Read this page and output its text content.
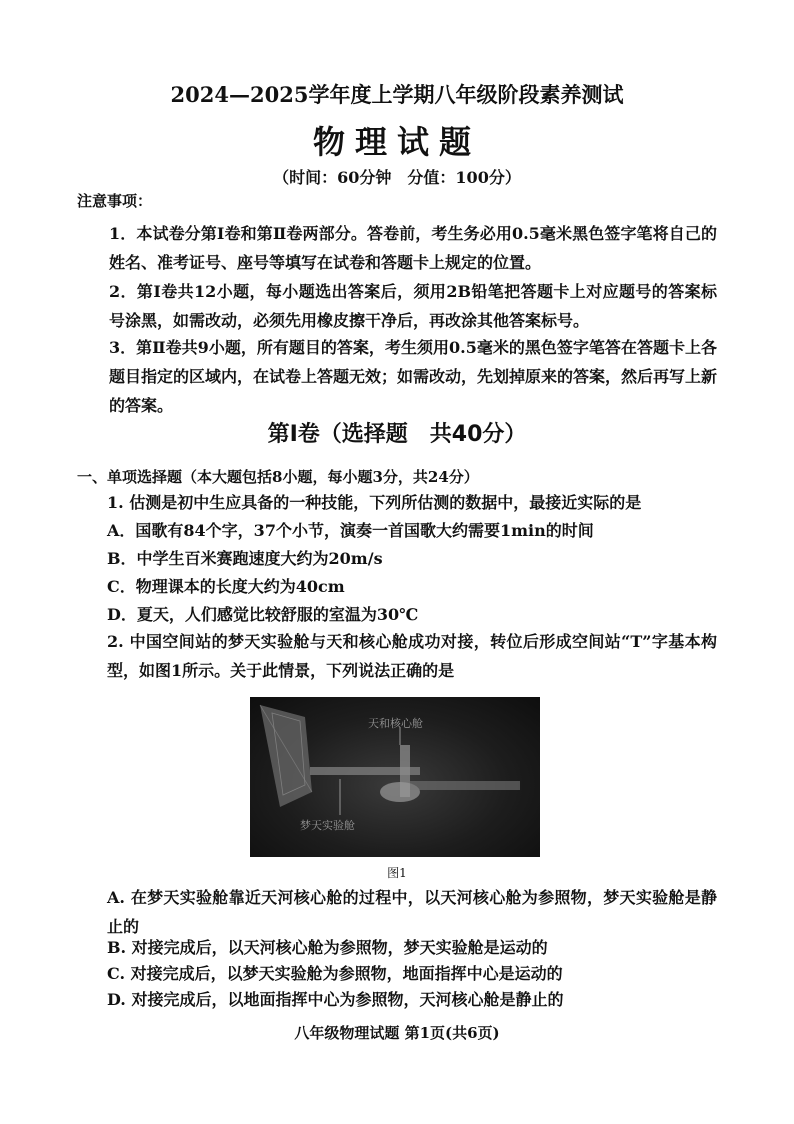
2024—2025学年度上学期八年级阶段素养测试
物理试题
（时间：60分钟　分值：100分）
注意事项：
1．本试卷分第Ⅰ卷和第Ⅱ卷两部分。答卷前，考生务必用0.5毫米黑色签字笔将自己的姓名、准考证号、座号等填写在试卷和答题卡上规定的位置。
2．第Ⅰ卷共12小题，每小题选出答案后，须用2B铅笔把答题卡上对应题号的答案标号涂黑，如需改动，必须先用橡皮擦干净后，再改涂其他答案标号。
3．第Ⅱ卷共9小题，所有题目的答案，考生须用0.5毫米的黑色签字笔答在答题卡上各题目指定的区域内，在试卷上答题无效；如需改动，先划掉原来的答案，然后再写上新的答案。
第Ⅰ卷（选择题　共40分）
一、单项选择题（本大题包括8小题，每小题3分，共24分）
1. 估测是初中生应具备的一种技能，下列所估测的数据中，最接近实际的是
A．国歌有84个字，37个小节，演奏一首国歌大约需要1min的时间
B．中学生百米赛跑速度大约为20m/s
C．物理课本的长度大约为40cm
D．夏天，人们感觉比较舒服的室温为30℃
2. 中国空间站的梦天实验舱与天和核心舱成功对接，转位后形成空间站“T”字基本构型，如图1所示。关于此情景，下列说法正确的是
天和核心舱
梦天实验舱
图1
A. 在梦天实验舱靠近天河核心舱的过程中，以天河核心舱为参照物，梦天实验舱是静止的
B. 对接完成后，以天河核心舱为参照物，梦天实验舱是运动的
C. 对接完成后，以梦天实验舱为参照物，地面指挥中心是运动的
D. 对接完成后，以地面指挥中心为参照物，天河核心舱是静止的
八年级物理试题 第1页(共6页)
